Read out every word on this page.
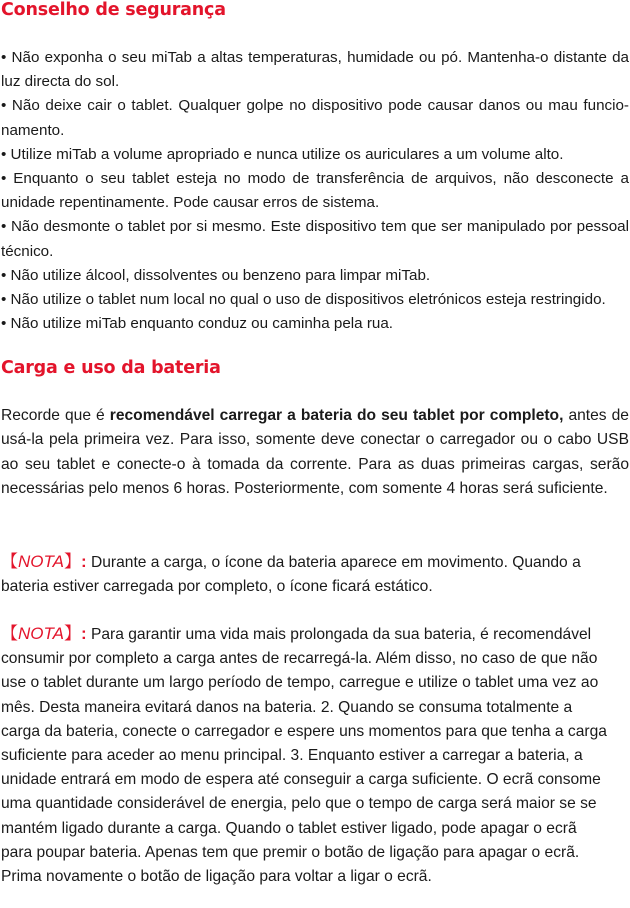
Conselho de segurança
• Não exponha o seu miTab a altas temperaturas, humidade ou pó. Mantenha-o distante da luz directa do sol.
• Não deixe cair o tablet. Qualquer golpe no dispositivo pode causar danos ou mau funcio-namento.
• Utilize miTab a volume apropriado e nunca utilize os auriculares a um volume alto.
• Enquanto o seu tablet esteja no modo de transferência de arquivos, não desconecte a unidade repentinamente. Pode causar erros de sistema.
• Não desmonte o tablet por si mesmo. Este dispositivo tem que ser manipulado por pessoal técnico.
• Não utilize álcool, dissolventes ou benzeno para limpar miTab.
• Não utilize o tablet num local no qual o uso de dispositivos eletrónicos esteja restringido.
• Não utilize miTab enquanto conduz ou caminha pela rua.
Carga e uso da bateria

Recorde que é recomendável carregar a bateria do seu tablet por completo, antes de usá-la pela primeira vez. Para isso, somente deve conectar o carregador ou o cabo USB ao seu tablet e conecte-o à tomada da corrente. Para as duas primeiras cargas, serão necessárias pelo menos 6 horas. Posteriormente, com somente 4 horas será suficiente.

【NOTA】: Durante a carga, o ícone da bateria aparece em movimento. Quando a bateria estiver carregada por completo, o ícone ficará estático.

【NOTA】: Para garantir uma vida mais prolongada da sua bateria, é recomendável consumir por completo a carga antes de recarregá-la. Além disso, no caso de que não use o tablet durante um largo período de tempo, carregue e utilize o tablet uma vez ao mês. Desta maneira evitará danos na bateria. 2. Quando se consuma totalmente a carga da bateria, conecte o carregador e espere uns momentos para que tenha a carga suficiente para aceder ao menu principal. 3. Enquanto estiver a carregar a bateria, a unidade entrará em modo de espera até conseguir a carga suficiente. O ecrã consome uma quantidade considerável de energia, pelo que o tempo de carga será maior se se mantém ligado durante a carga. Quando o tablet estiver ligado, pode apagar o ecrã para poupar bateria. Apenas tem que premir o botão de ligação para apagar o ecrã. Prima novamente o botão de ligação para voltar a ligar o ecrã.
